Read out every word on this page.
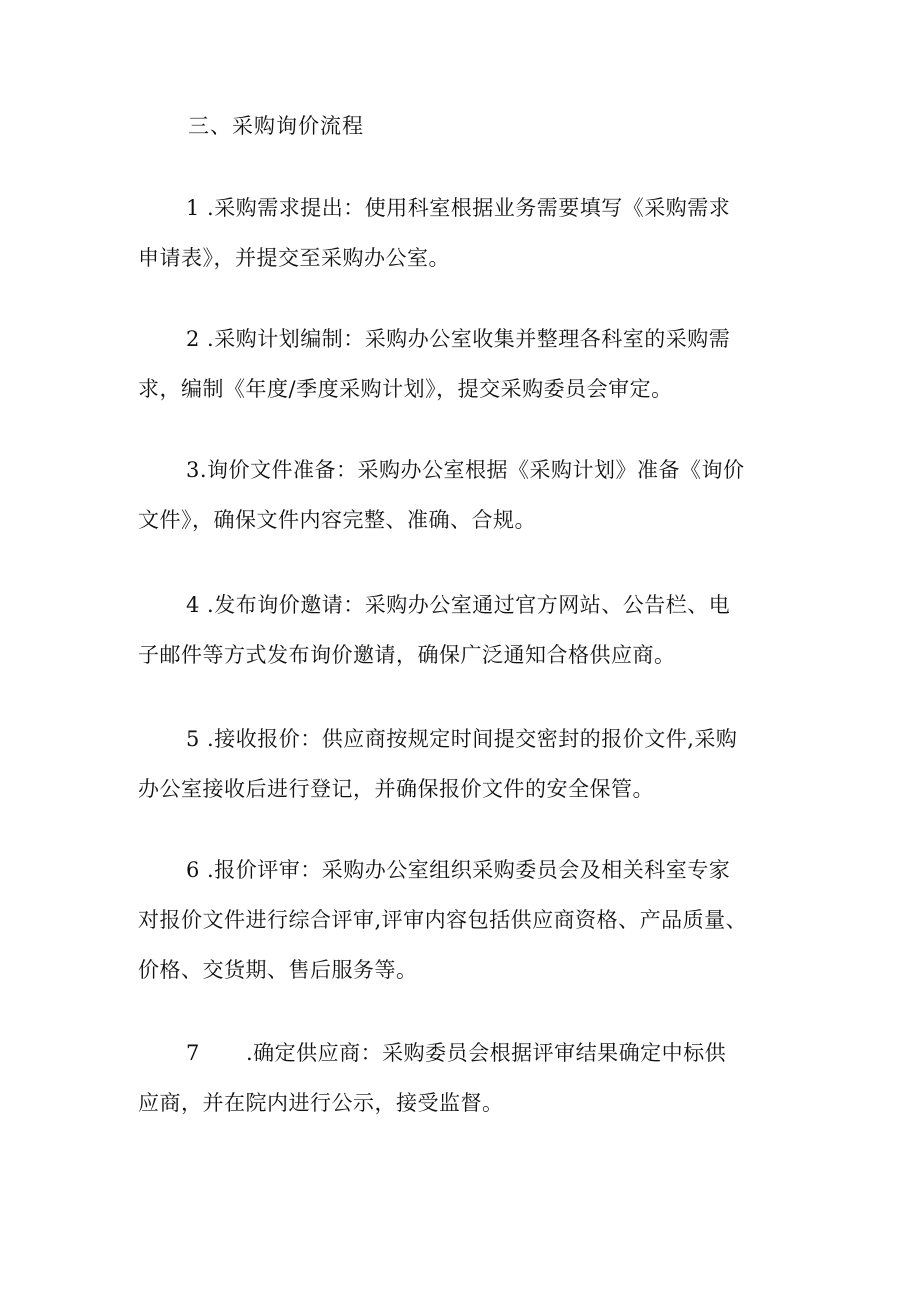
三、采购询价流程
1 .采购需求提出：使用科室根据业务需要填写《采购需求
申请表》，并提交至采购办公室。
2 .采购计划编制：采购办公室收集并整理各科室的采购需
求，编制《年度/季度采购计划》，提交采购委员会审定。
3.询价文件准备：采购办公室根据《采购计划》准备《询价
文件》，确保文件内容完整、准确、合规。
4 .发布询价邀请：采购办公室通过官方网站、公告栏、电
子邮件等方式发布询价邀请，确保广泛通知合格供应商。
5 .接收报价：供应商按规定时间提交密封的报价文件,采购
办公室接收后进行登记，并确保报价文件的安全保管。
6 .报价评审：采购办公室组织采购委员会及相关科室专家
对报价文件进行综合评审,评审内容包括供应商资格、产品质量、
价格、交货期、售后服务等。
7 .确定供应商：采购委员会根据评审结果确定中标供
应商，并在院内进行公示，接受监督。
